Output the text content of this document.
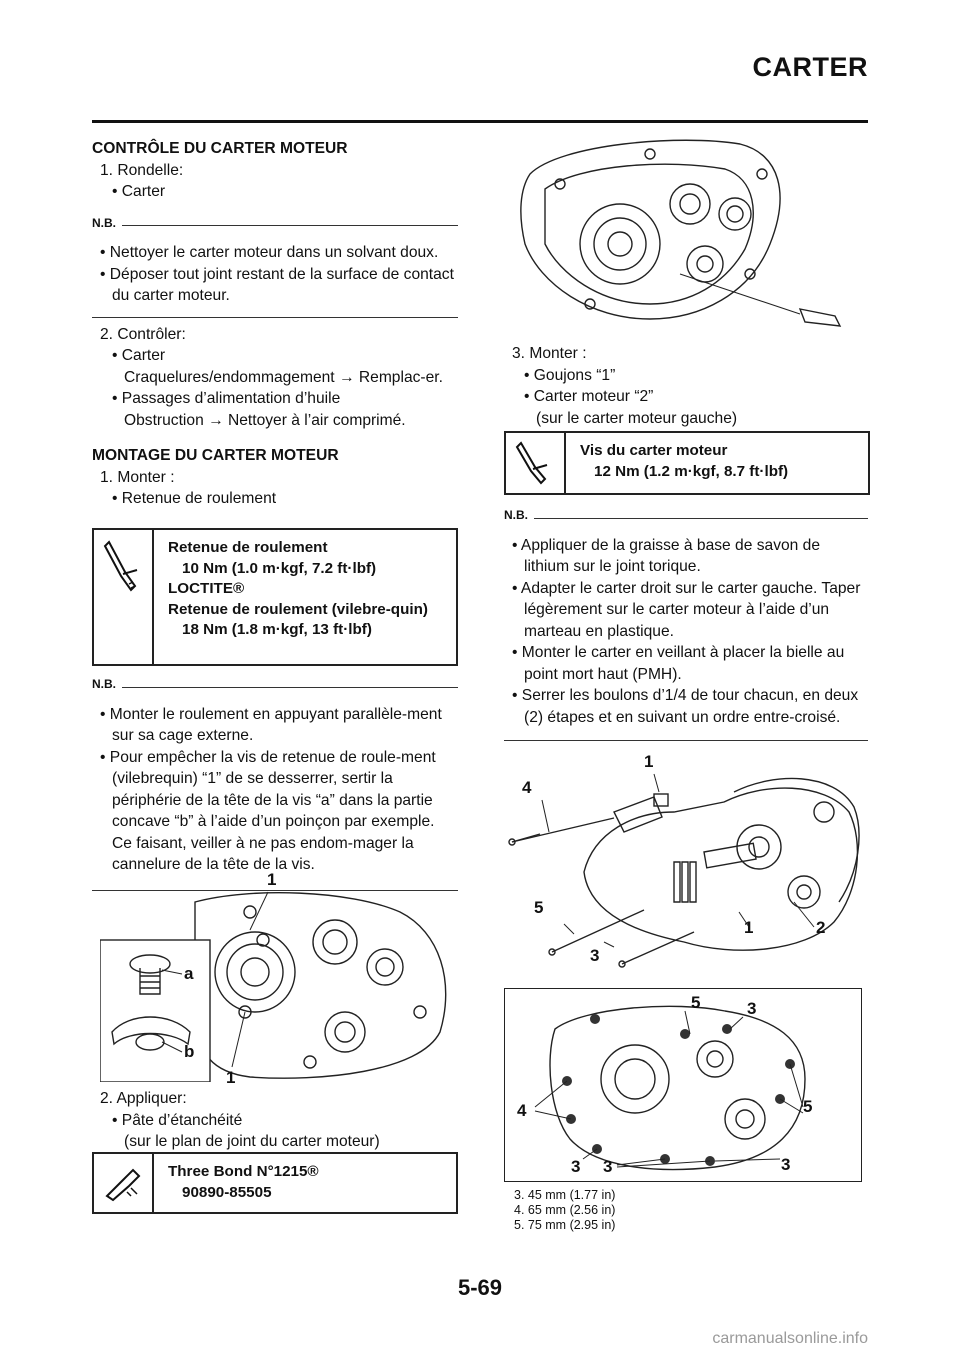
CARTER
CONTRÔLE DU CARTER MOTEUR
1. Rondelle:
• Carter
N.B.
• Nettoyer le carter moteur dans un solvant doux.
• Déposer tout joint restant de la surface de contact du carter moteur.
2. Contrôler:
• Carter
Craquelures/endommagement → Remplac-er.
• Passages d’alimentation d’huile
Obstruction → Nettoyer à l’air comprimé.
MONTAGE DU CARTER MOTEUR
1. Monter :
• Retenue de roulement
Retenue de roulement
10 Nm (1.0 m·kgf, 7.2 ft·lbf)
LOCTITE®
Retenue de roulement (vilebre-quin)
18 Nm (1.8 m·kgf, 13 ft·lbf)
N.B.
• Monter le roulement en appuyant parallèle-ment sur sa cage externe.
• Pour empêcher la vis de retenue de roule-ment (vilebrequin) “1” de se desserrer, sertir la périphérie de la tête de la vis “a” dans la partie concave “b” à l’aide d’un poinçon par exemple. Ce faisant, veiller à ne pas endom-mager la cannelure de la tête de la vis.
1
a
b
1
2. Appliquer:
• Pâte d’étanchéité
(sur le plan de joint du carter moteur)
Three Bond N°1215®
90890-85505
3. Monter :
• Goujons “1”
• Carter moteur “2”
(sur le carter moteur gauche)
Vis du carter moteur
12 Nm (1.2 m·kgf, 8.7 ft·lbf)
N.B.
• Appliquer de la graisse à base de savon de lithium sur le joint torique.
• Adapter le carter droit sur le carter gauche. Taper légèrement sur le carter moteur à l’aide d’un marteau en plastique.
• Monter le carter en veillant à placer la bielle au point mort haut (PMH).
• Serrer les boulons d’1/4 de tour chacun, en deux (2) étapes et en suivant un ordre entre-croisé.
1
4
5
3
1	2
5	3
4	5
3 3	3
3. 45 mm (1.77 in)
4. 65 mm (2.56 in)
5. 75 mm (2.95 in)
5-69
carmanualsonline.info
